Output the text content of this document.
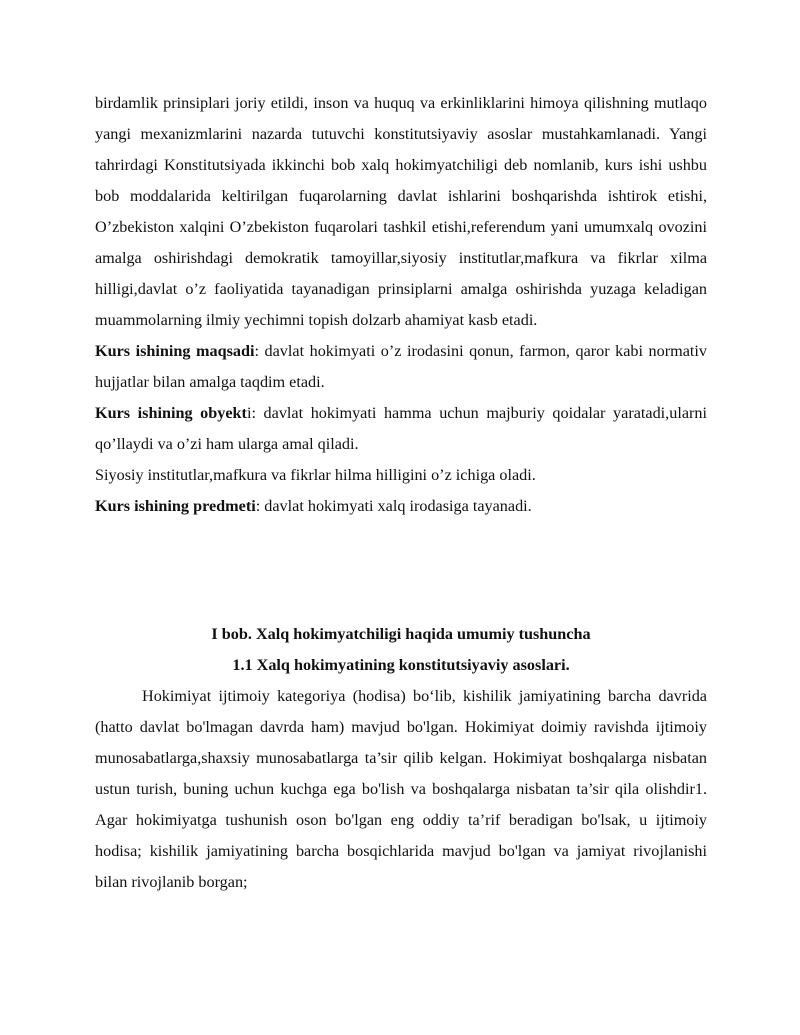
birdamlik prinsiplari joriy etildi, inson va huquq va erkinliklarini himoya qilishning mutlaqo yangi mexanizmlarini nazarda tutuvchi konstitutsiyaviy asoslar mustahkamlanadi. Yangi tahrirdagi Konstitutsiyada ikkinchi bob xalq hokimyatchiligi deb nomlanib, kurs ishi ushbu bob moddalarida keltirilgan fuqarolarning davlat ishlarini boshqarishda ishtirok etishi, O’zbekiston xalqini O’zbekiston fuqarolari tashkil etishi,referendum yani umumxalq ovozini amalga oshirishdagi demokratik tamoyillar,siyosiy institutlar,mafkura va fikrlar xilma hilligi,davlat o’z faoliyatida tayanadigan prinsiplarni amalga oshirishda yuzaga keladigan muammolarning ilmiy yechimni topish dolzarb ahamiyat kasb etadi.

Kurs ishining maqsadi: davlat hokimyati o’z irodasini qonun, farmon, qaror kabi normativ hujjatlar bilan amalga taqdim etadi.

Kurs ishining obyekti: davlat hokimyati hamma uchun majburiy qoidalar yaratadi,ularni qo’llaydi va o’zi ham ularga amal qiladi.

Siyosiy institutlar,mafkura va fikrlar hilma hilligini o’z ichiga oladi.

Kurs ishining predmeti: davlat hokimyati xalq irodasiga tayanadi.

I bob. Xalq hokimyatchiligi haqida umumiy tushuncha

1.1 Xalq hokimyatining konstitutsiyaviy asoslari.

Hokimiyat ijtimoiy kategoriya (hodisa) bo‘lib, kishilik jamiyatining barcha davrida (hatto davlat bo'lmagan davrda ham) mavjud bo'lgan. Hokimiyat doimiy ravishda ijtimoiy munosabatlarga,shaxsiy munosabatlarga ta’sir qilib kelgan. Hokimiyat boshqalarga nisbatan ustun turish, buning uchun kuchga ega bo'lish va boshqalarga nisbatan ta’sir qila olishdir1. Agar hokimiyatga tushunish oson bo'lgan eng oddiy ta’rif beradigan bo'lsak, u ijtimoiy hodisa; kishilik jamiyatining barcha bosqichlarida mavjud bo'lgan va jamiyat rivojlanishi bilan rivojlanib borgan;
